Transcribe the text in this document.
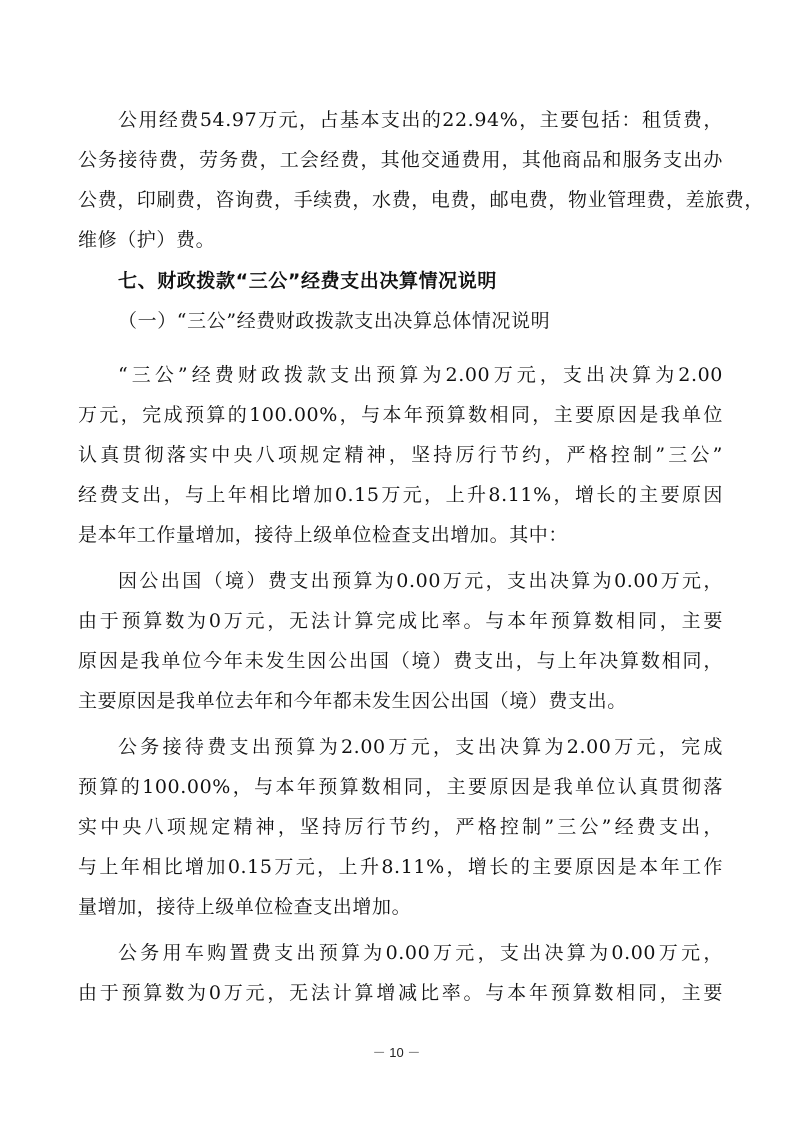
公用经费54.97万元，占基本支出的22.94%，主要包括：租赁费，
公务接待费，劳务费，工会经费，其他交通费用，其他商品和服务支出办
公费，印刷费，咨询费，手续费，水费，电费，邮电费，物业管理费，差旅费，
维修（护）费。
七、财政拨款“三公”经费支出决算情况说明
（一）“三公”经费财政拨款支出决算总体情况说明
“三公”经费财政拨款支出预算为2.00万元，支出决算为2.00
万元，完成预算的100.00%，与本年预算数相同，主要原因是我单位
认真贯彻落实中央八项规定精神，坚持厉行节约，严格控制”三公”
经费支出，与上年相比增加0.15万元，上升8.11%，增长的主要原因
是本年工作量增加，接待上级单位检查支出增加。其中：
因公出国（境）费支出预算为0.00万元，支出决算为0.00万元，
由于预算数为0万元，无法计算完成比率。与本年预算数相同，主要
原因是我单位今年未发生因公出国（境）费支出，与上年决算数相同，
主要原因是我单位去年和今年都未发生因公出国（境）费支出。
公务接待费支出预算为2.00万元，支出决算为2.00万元，完成
预算的100.00%，与本年预算数相同，主要原因是我单位认真贯彻落
实中央八项规定精神，坚持厉行节约，严格控制”三公”经费支出，
与上年相比增加0.15万元，上升8.11%，增长的主要原因是本年工作
量增加，接待上级单位检查支出增加。
公务用车购置费支出预算为0.00万元，支出决算为0.00万元，
由于预算数为0万元，无法计算增减比率。与本年预算数相同，主要
－ 10 －
